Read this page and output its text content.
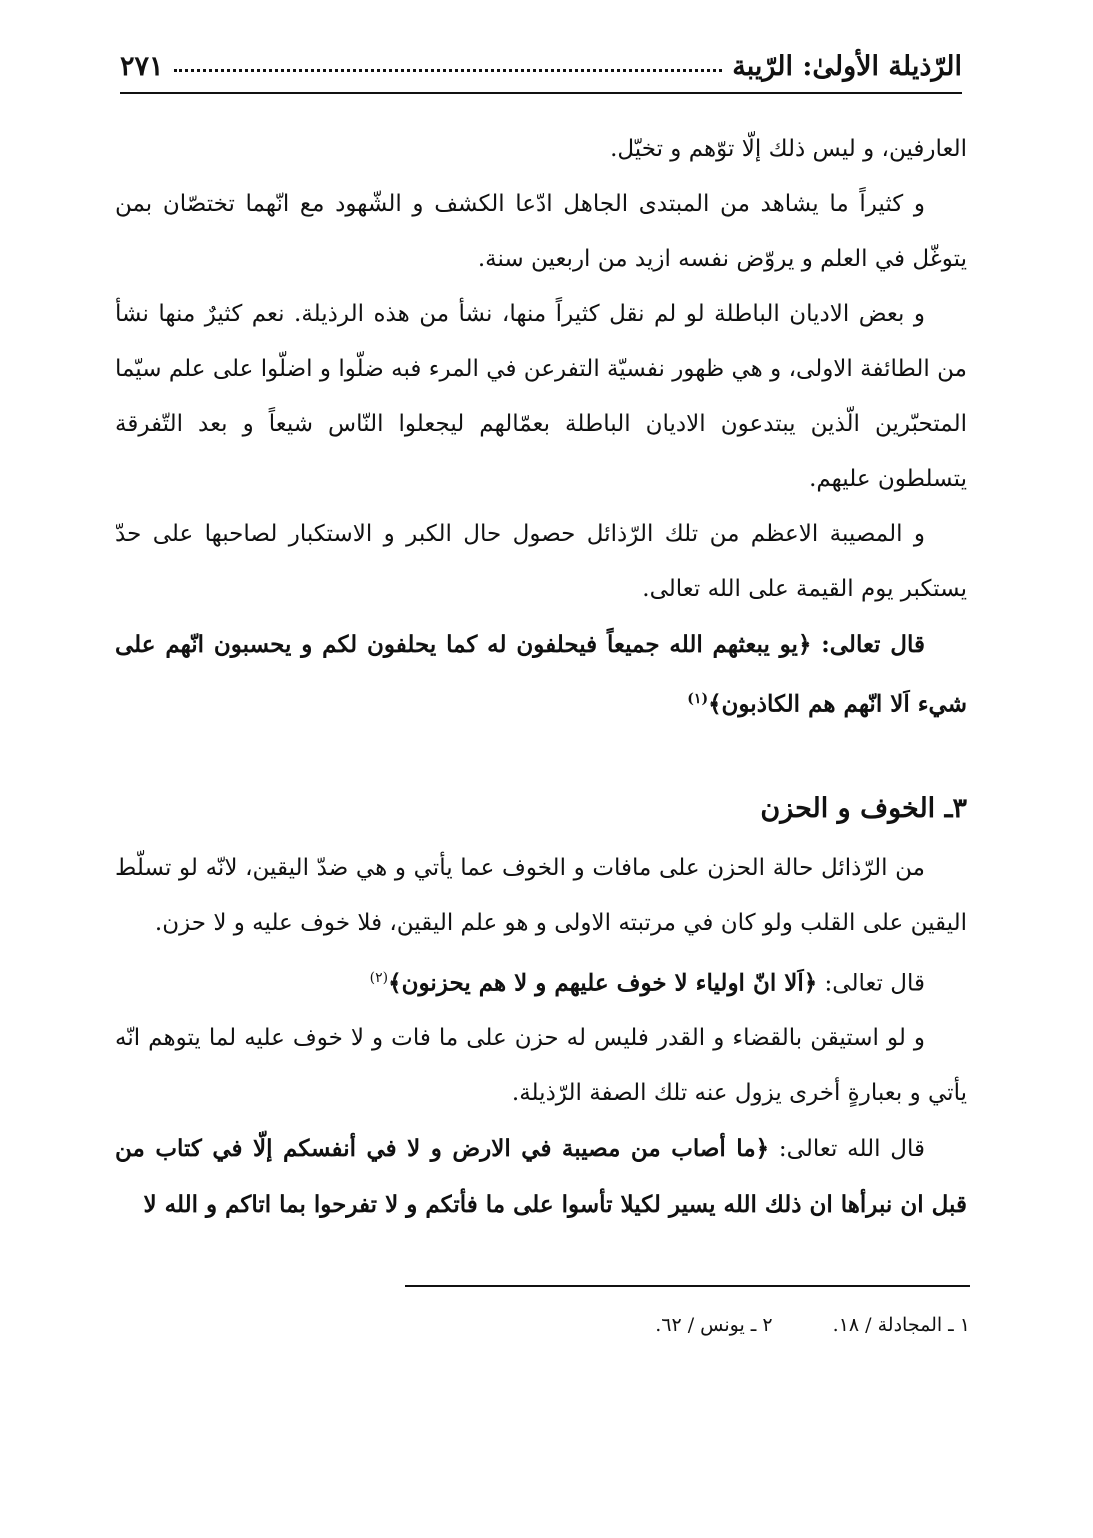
الرّذيلة الأولىٰ: الرّيبة
٢٧١

العارفين، و ليس ذلك إلّا توّهم و تخيّل.

و كثيراً ما يشاهد من المبتدى الجاهل ادّعا الكشف و الشّهود مع انّهما تختصّان بمن يتوغّل في العلم و يروّض نفسه ازيد من اربعين سنة.

و بعض الاديان الباطلة لو لم نقل كثيراً منها، نشأ من هذه الرذيلة. نعم كثيرٌ منها نشأ من الطائفة الاولى، و هي ظهور نفسيّة التفرعن في المرء فبه ضلّوا و اضلّوا على علم سيّما المتحبّرين الّذين يبتدعون الاديان الباطلة بعمّالهم ليجعلوا النّاس شيعاً و بعد التّفرقة يتسلطون عليهم.

و المصيبة الاعظم من تلك الرّذائل حصول حال الكبر و الاستكبار لصاحبها على حدّ يستكبر يوم القيمة على الله تعالى.

قال تعالى: ﴿يو يبعثهم الله جميعاً فيحلفون له كما يحلفون لكم و يحسبون انّهم على شيء اَلا انّهم هم الكاذبون﴾$^{(١)}$

٣ـ الخوف و الحزن

من الرّذائل حالة الحزن على مافات و الخوف عما يأتي و هي ضدّ اليقين، لانّه لو تسلّط اليقين على القلب ولو كان في مرتبته الاولى و هو علم اليقين، فلا خوف عليه و لا حزن.

قال تعالى: ﴿اَلا انّ اولياء لا خوف عليهم و لا هم يحزنون﴾$^{(٢)}$

و لو استيقن بالقضاء و القدر فليس له حزن على ما فات و لا خوف عليه لما يتوهم انّه يأتي و بعبارةٍ أخرى يزول عنه تلك الصفة الرّذيلة.

قال الله تعالى: ﴿ما أصاب من مصيبة في الارض و لا في أنفسكم إلّا في كتاب من قبل ان نبرأها ان ذلك الله يسير لكيلا تأسوا على ما فأتكم و لا تفرحوا بما اتاكم و الله لا

١ ـ المجادلة / ١٨.
٢ ـ يونس / ٦٢.
